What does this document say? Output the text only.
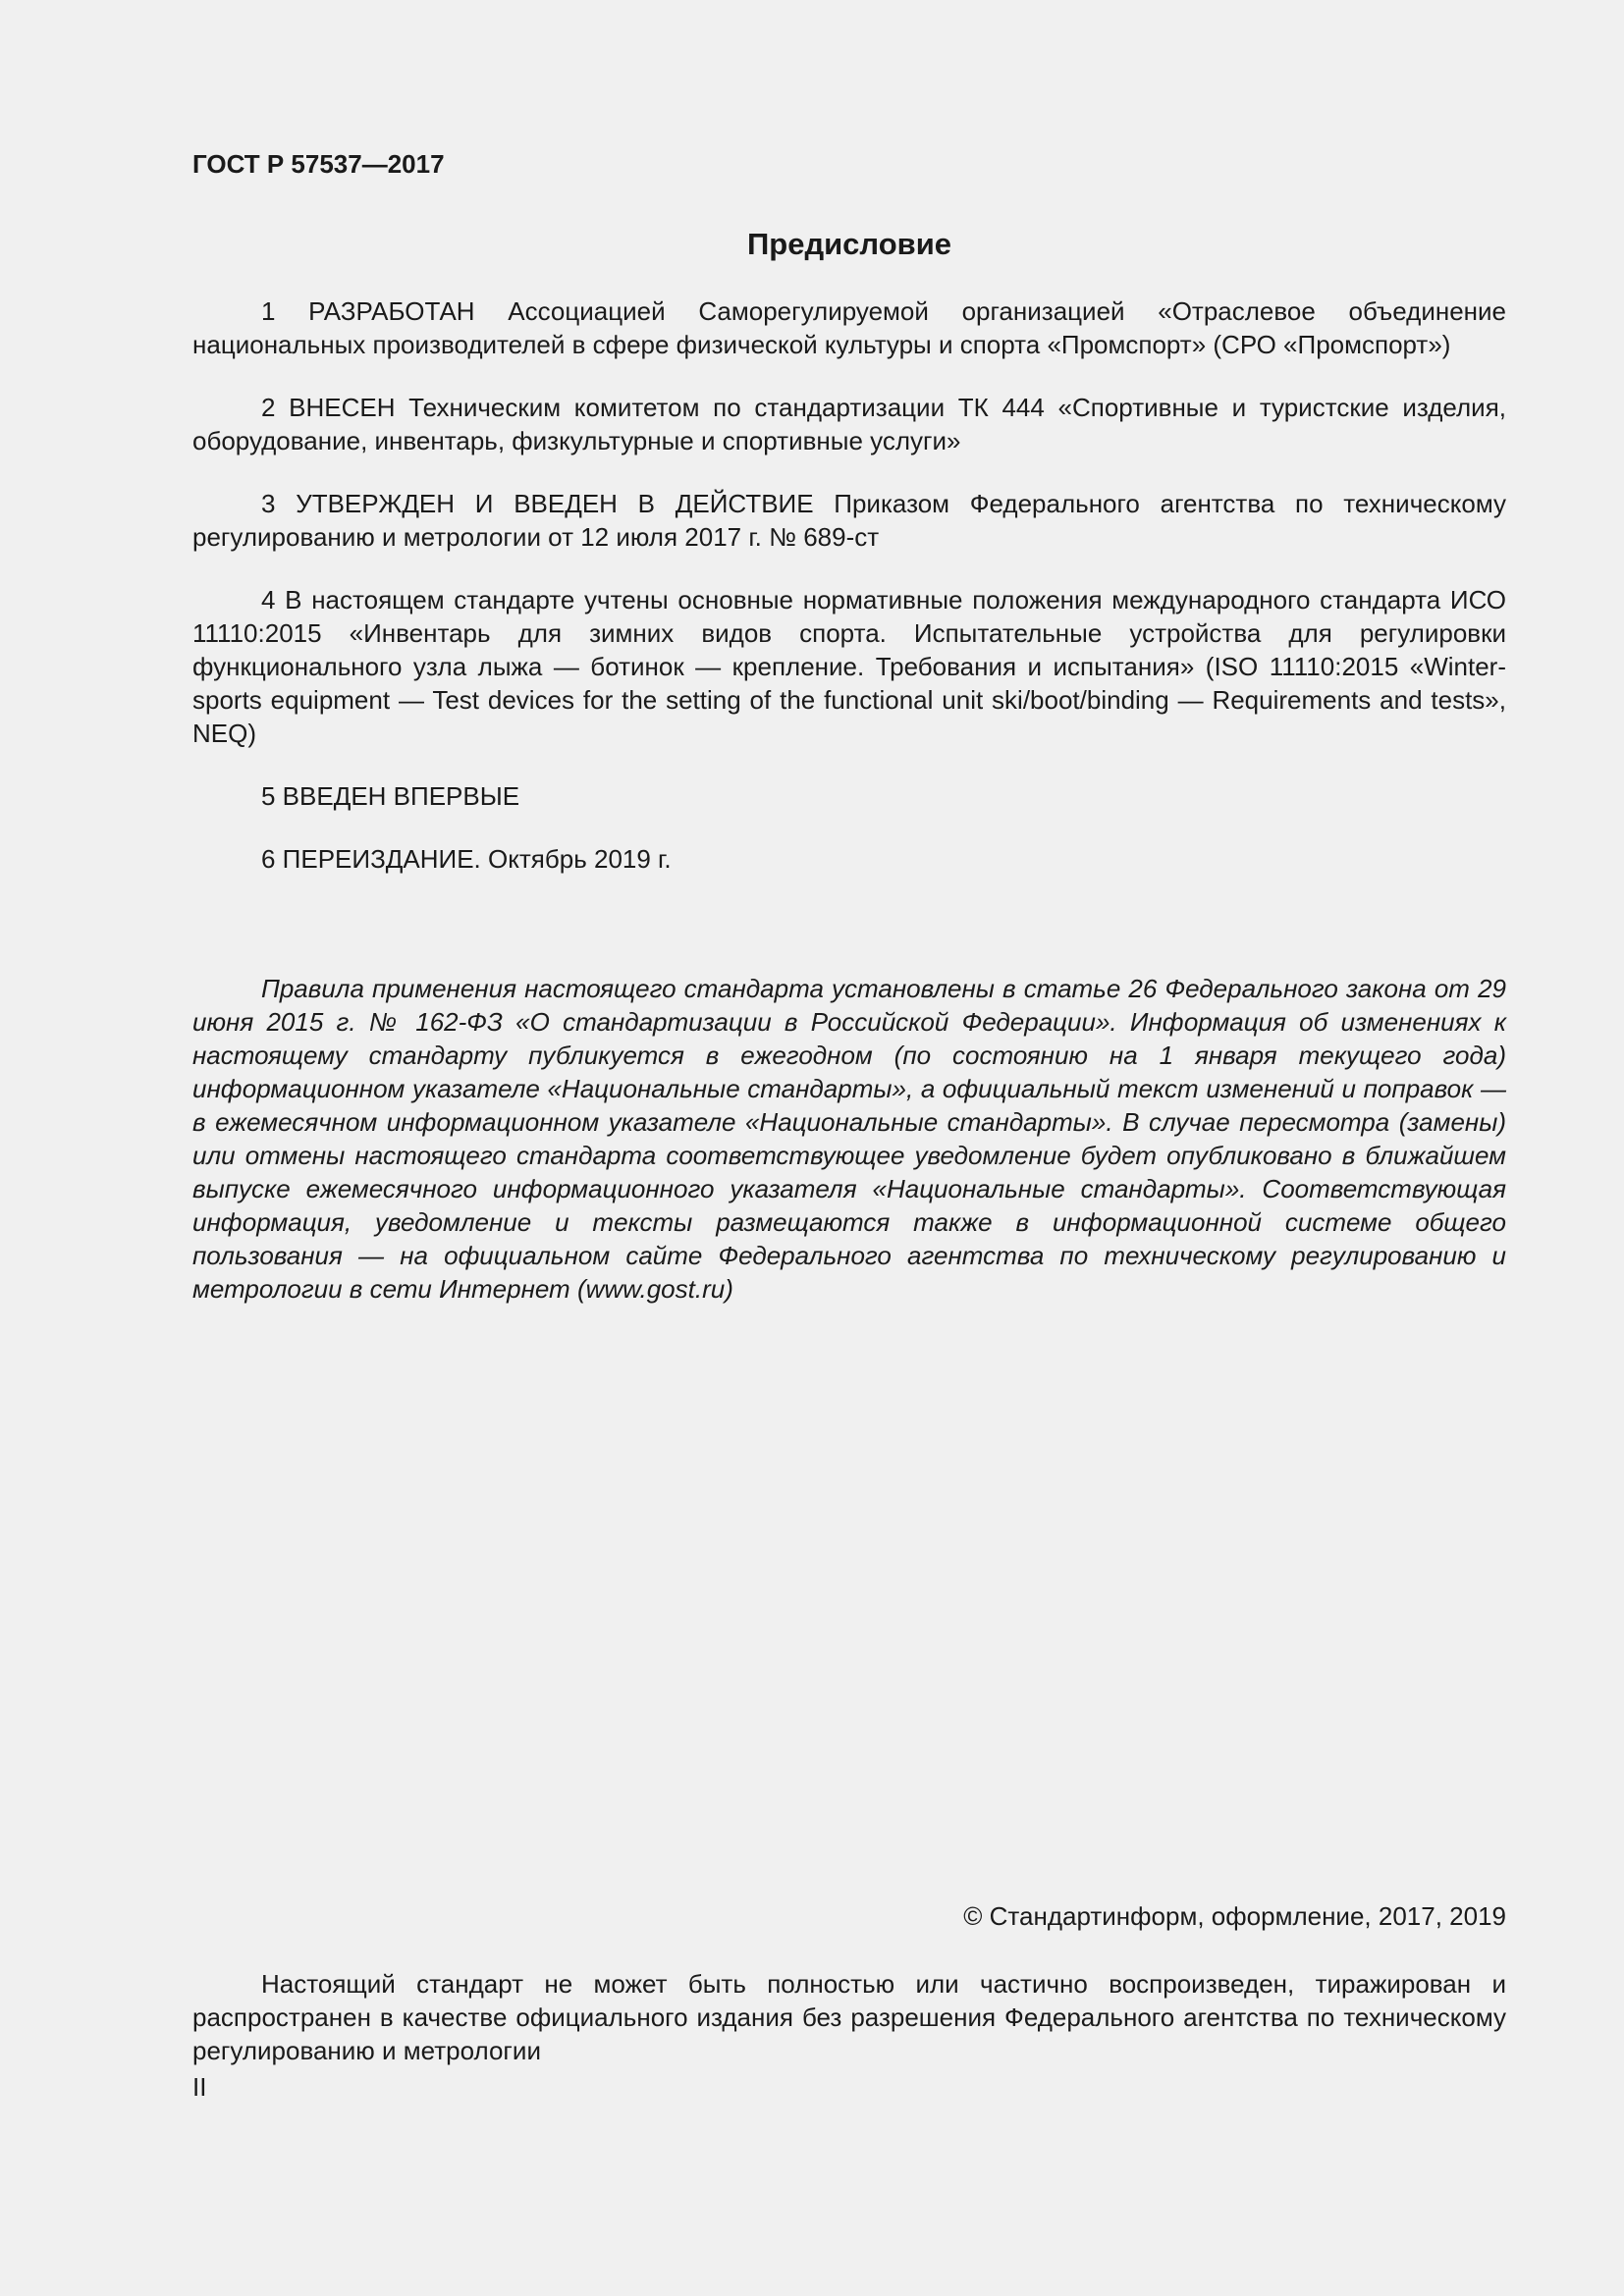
ГОСТ Р 57537—2017

Предисловие

1 РАЗРАБОТАН Ассоциацией Саморегулируемой организацией «Отраслевое объединение национальных производителей в сфере физической культуры и спорта «Промспорт» (СРО «Промспорт»)

2 ВНЕСЕН Техническим комитетом по стандартизации ТК 444 «Спортивные и туристские изделия, оборудование, инвентарь, физкультурные и спортивные услуги»

3 УТВЕРЖДЕН И ВВЕДЕН В ДЕЙСТВИЕ Приказом Федерального агентства по техническому регулированию и метрологии от 12 июля 2017 г. № 689-ст

4 В настоящем стандарте учтены основные нормативные положения международного стандарта ИСО 11110:2015 «Инвентарь для зимних видов спорта. Испытательные устройства для регулировки функционального узла лыжа — ботинок — крепление. Требования и испытания» (ISO 11110:2015 «Winter-sports equipment — Test devices for the setting of the functional unit ski/boot/binding — Requirements and tests», NEQ)

5 ВВЕДЕН ВПЕРВЫЕ

6 ПЕРЕИЗДАНИЕ. Октябрь 2019 г.

Правила применения настоящего стандарта установлены в статье 26 Федерального закона от 29 июня 2015 г. № 162-ФЗ «О стандартизации в Российской Федерации». Информация об изменениях к настоящему стандарту публикуется в ежегодном (по состоянию на 1 января текущего года) информационном указателе «Национальные стандарты», а официальный текст изменений и поправок — в ежемесячном информационном указателе «Национальные стандарты». В случае пересмотра (замены) или отмены настоящего стандарта соответствующее уведомление будет опубликовано в ближайшем выпуске ежемесячного информационного указателя «Национальные стандарты». Соответствующая информация, уведомление и тексты размещаются также в информационной системе общего пользования — на официальном сайте Федерального агентства по техническому регулированию и метрологии в сети Интернет (www.gost.ru)

© Стандартинформ, оформление, 2017, 2019

Настоящий стандарт не может быть полностью или частично воспроизведен, тиражирован и распространен в качестве официального издания без разрешения Федерального агентства по техническому регулированию и метрологии

II
